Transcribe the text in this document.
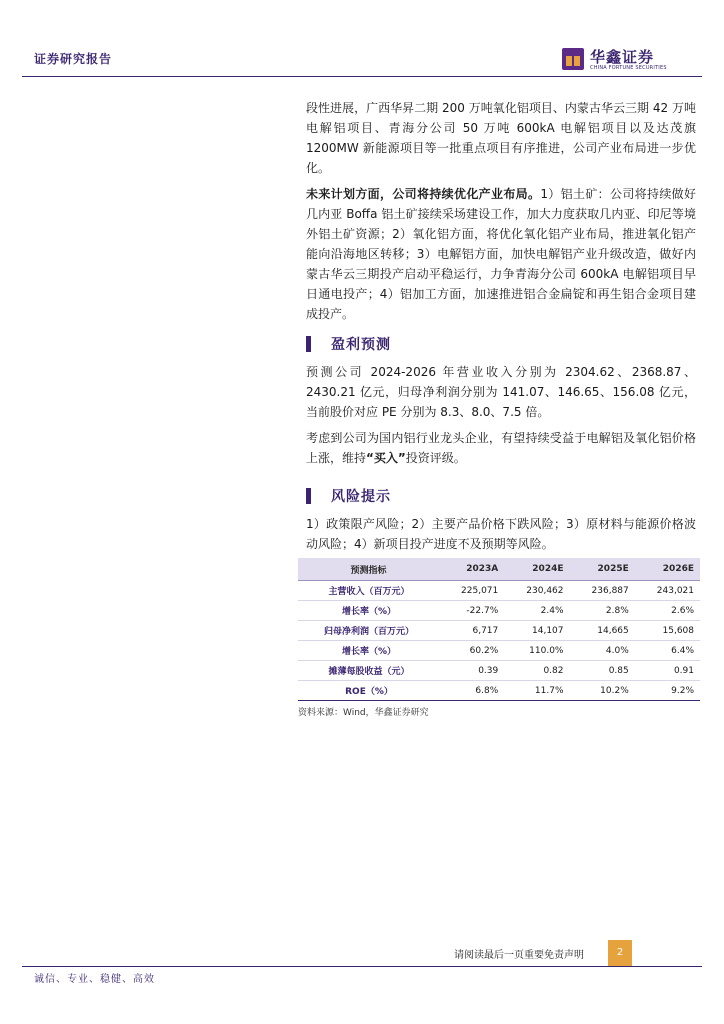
证券研究报告	华鑫证券
CHINA FORTUNE SECURITIES

段性进展，广西华昇二期 200 万吨氧化铝项目、内蒙古华云三期 42 万吨电解铝项目、青海分公司 50 万吨 600kA 电解铝项目以及达茂旗 1200MW 新能源项目等一批重点项目有序推进，公司产业布局进一步优化。

未来计划方面，公司将持续优化产业布局。1）铝土矿：公司将持续做好几内亚 Boffa 铝土矿接续采场建设工作，加大力度获取几内亚、印尼等境外铝土矿资源；2）氧化铝方面，将优化氧化铝产业布局，推进氧化铝产能向沿海地区转移；3）电解铝方面，加快电解铝产业升级改造，做好内蒙古华云三期投产启动平稳运行，力争青海分公司 600kA 电解铝项目早日通电投产；4）铝加工方面，加速推进铝合金扁锭和再生铝合金项目建成投产。

盈利预测

预测公司 2024-2026 年营业收入分别为 2304.62、2368.87、2430.21 亿元，归母净利润分别为 141.07、146.65、156.08 亿元，当前股价对应 PE 分别为 8.3、8.0、7.5 倍。

考虑到公司为国内铝行业龙头企业，有望持续受益于电解铝及氧化铝价格上涨，维持“买入”投资评级。

风险提示

1）政策限产风险；2）主要产品价格下跌风险；3）原材料与能源价格波动风险；4）新项目投产进度不及预期等风险。

预测指标	2023A	2024E	2025E	2026E
主营收入（百万元）	225,071	230,462	236,887	243,021
增长率（%）	-22.7%	2.4%	2.8%	2.6%
归母净利润（百万元）	6,717	14,107	14,665	15,608
增长率（%）	60.2%	110.0%	4.0%	6.4%
摊薄每股收益（元）	0.39	0.82	0.85	0.91
ROE（%）	6.8%	11.7%	10.2%	9.2%
资料来源：Wind，华鑫证券研究
请阅读最后一页重要免责声明	2
诚信、专业、稳健、高效
